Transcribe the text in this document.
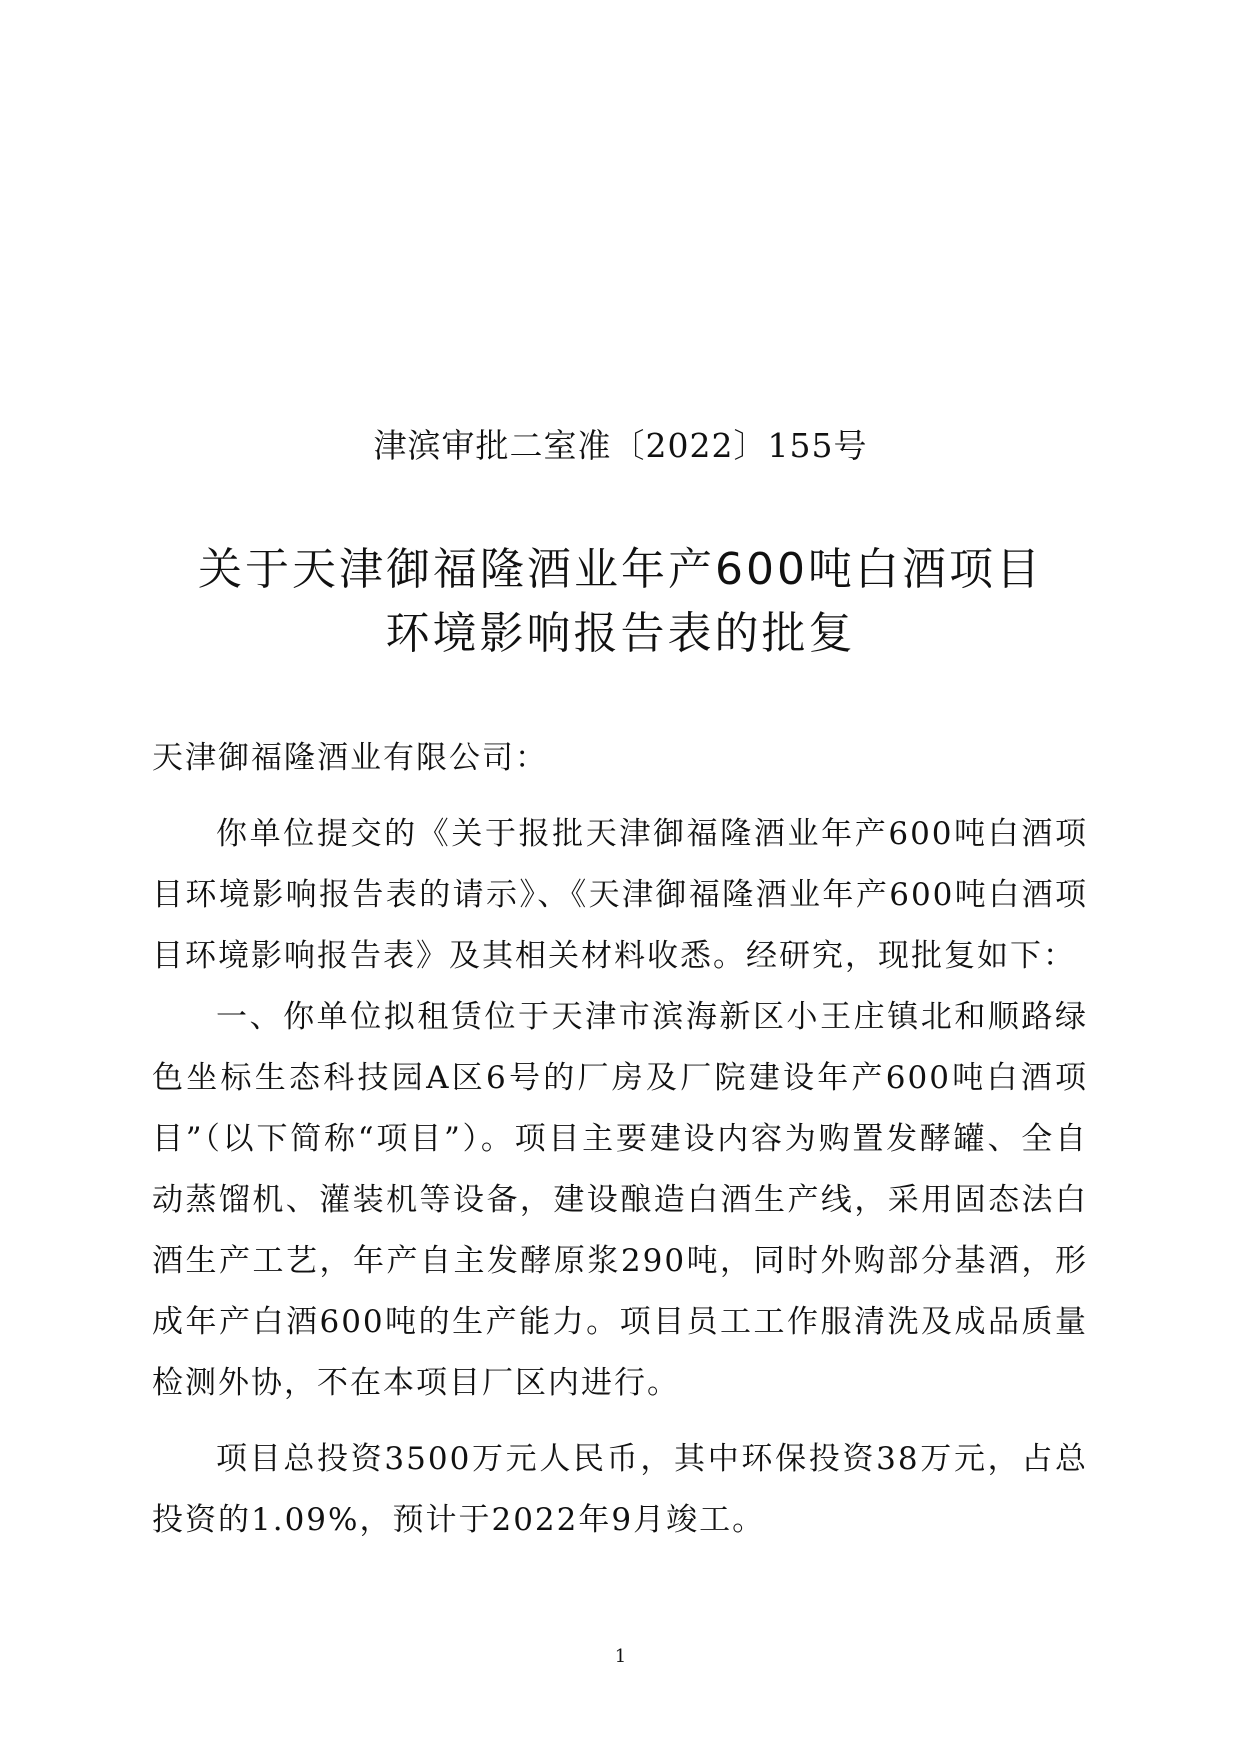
津滨审批二室准〔2022〕155号
关于天津御福隆酒业年产600吨白酒项目
环境影响报告表的批复

天津御福隆酒业有限公司：

你单位提交的《关于报批天津御福隆酒业年产600吨白酒项目环境影响报告表的请示》、《天津御福隆酒业年产600吨白酒项目环境影响报告表》及其相关材料收悉。经研究，现批复如下：

一、你单位拟租赁位于天津市滨海新区小王庄镇北和顺路绿色坐标生态科技园A区6号的厂房及厂院建设年产600吨白酒项目”（以下简称“项目”）。项目主要建设内容为购置发酵罐、全自动蒸馏机、灌装机等设备，建设酿造白酒生产线，采用固态法白酒生产工艺，年产自主发酵原浆290吨，同时外购部分基酒，形成年产白酒600吨的生产能力。项目员工工作服清洗及成品质量检测外协，不在本项目厂区内进行。

项目总投资3500万元人民币，其中环保投资38万元，占总投资的1.09%，预计于2022年9月竣工。

1
